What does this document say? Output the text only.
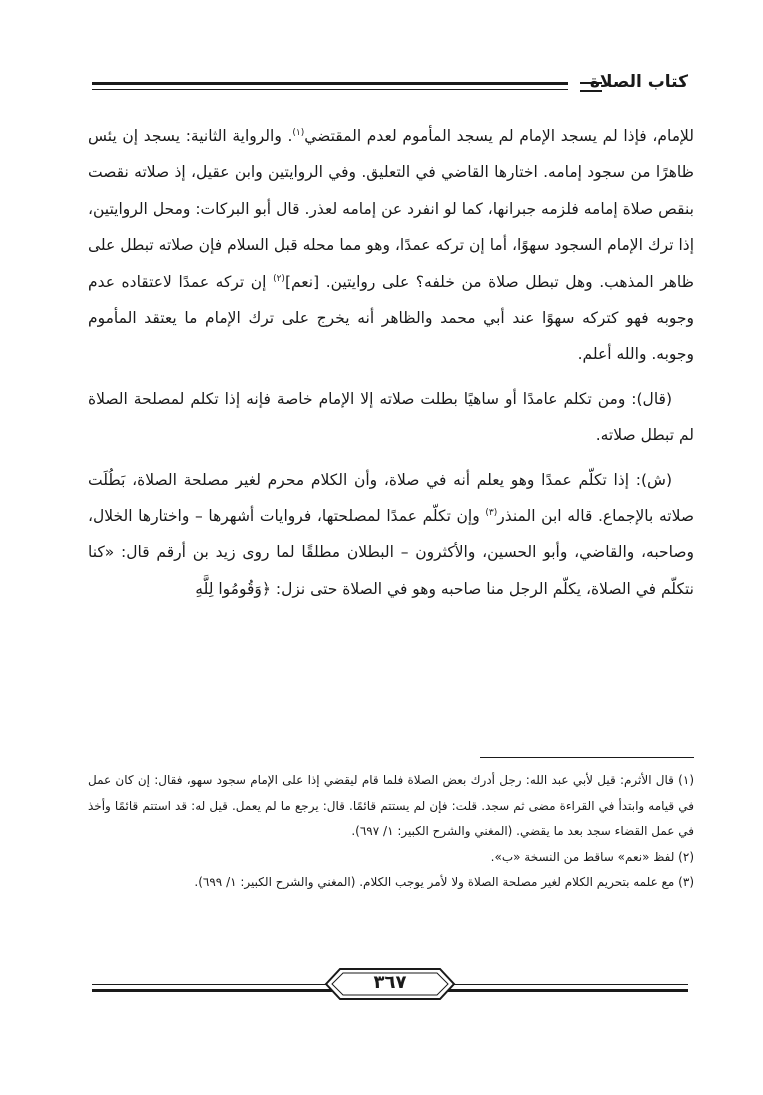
كتاب الصلاة

للإمام، فإذا لم يسجد الإمام لم يسجد المأموم لعدم المقتضي$^{(١)}$. والرواية الثانية: يسجد إن يئس ظاهرًا من سجود إمامه. اختارها القاضي في التعليق. وفي الروايتين وابن عقيل، إذ صلاته نقصت بنقص صلاة إمامه فلزمه جبرانها، كما لو انفرد عن إمامه لعذر. قال أبو البركات: ومحل الروايتين، إذا ترك الإمام السجود سهوًا، أما إن تركه عمدًا، وهو مما محله قبل السلام فإن صلاته تبطل على ظاهر المذهب. وهل تبطل صلاة من خلفه؟ على روايتين. [نعم]$^{(٢)}$ إن تركه عمدًا لاعتقاده عدم وجوبه فهو كتركه سهوًا عند أبي محمد والظاهر أنه يخرج على ترك الإمام ما يعتقد المأموم وجوبه. والله أعلم.

(قال): ومن تكلم عامدًا أو ساهيًا بطلت صلاته إلا الإمام خاصة فإنه إذا تكلم لمصلحة الصلاة لم تبطل صلاته.

(ش): إذا تكلّم عمدًا وهو يعلم أنه في صلاة، وأن الكلام محرم لغير مصلحة الصلاة، بَطُلَت صلاته بالإجماع. قاله ابن المنذر$^{(٣)}$ وإن تكلّم عمدًا لمصلحتها، فروايات أشهرها – واختارها الخلال، وصاحبه، والقاضي، وأبو الحسين، والأكثرون – البطلان مطلقًا لما روى زيد بن أرقم قال: «كنا نتكلّم في الصلاة، يكلّم الرجل منا صاحبه وهو في الصلاة حتى نزل: ﴿وَقُومُوا لِلَّهِ

(١) قال الأثرم: قيل لأبي عبد الله: رجل أدرك بعض الصلاة فلما قام ليقضي إذا على الإمام سجود سهو، فقال: إن كان عمل في قيامه وابتدأ في القراءة مضى ثم سجد. قلت: فإن لم يستتم قائمًا. قال: يرجع ما لم يعمل. قيل له: قد استتم قائمًا وأخذ في عمل القضاء سجد بعد ما يقضي. (المغني والشرح الكبير: ١/ ٦٩٧).

(٢) لفظ «نعم» ساقط من النسخة «ب».

(٣) مع علمه بتحريم الكلام لغير مصلحة الصلاة ولا لأمر يوجب الكلام. (المغني والشرح الكبير: ١/ ٦٩٩).

٣٦٧
